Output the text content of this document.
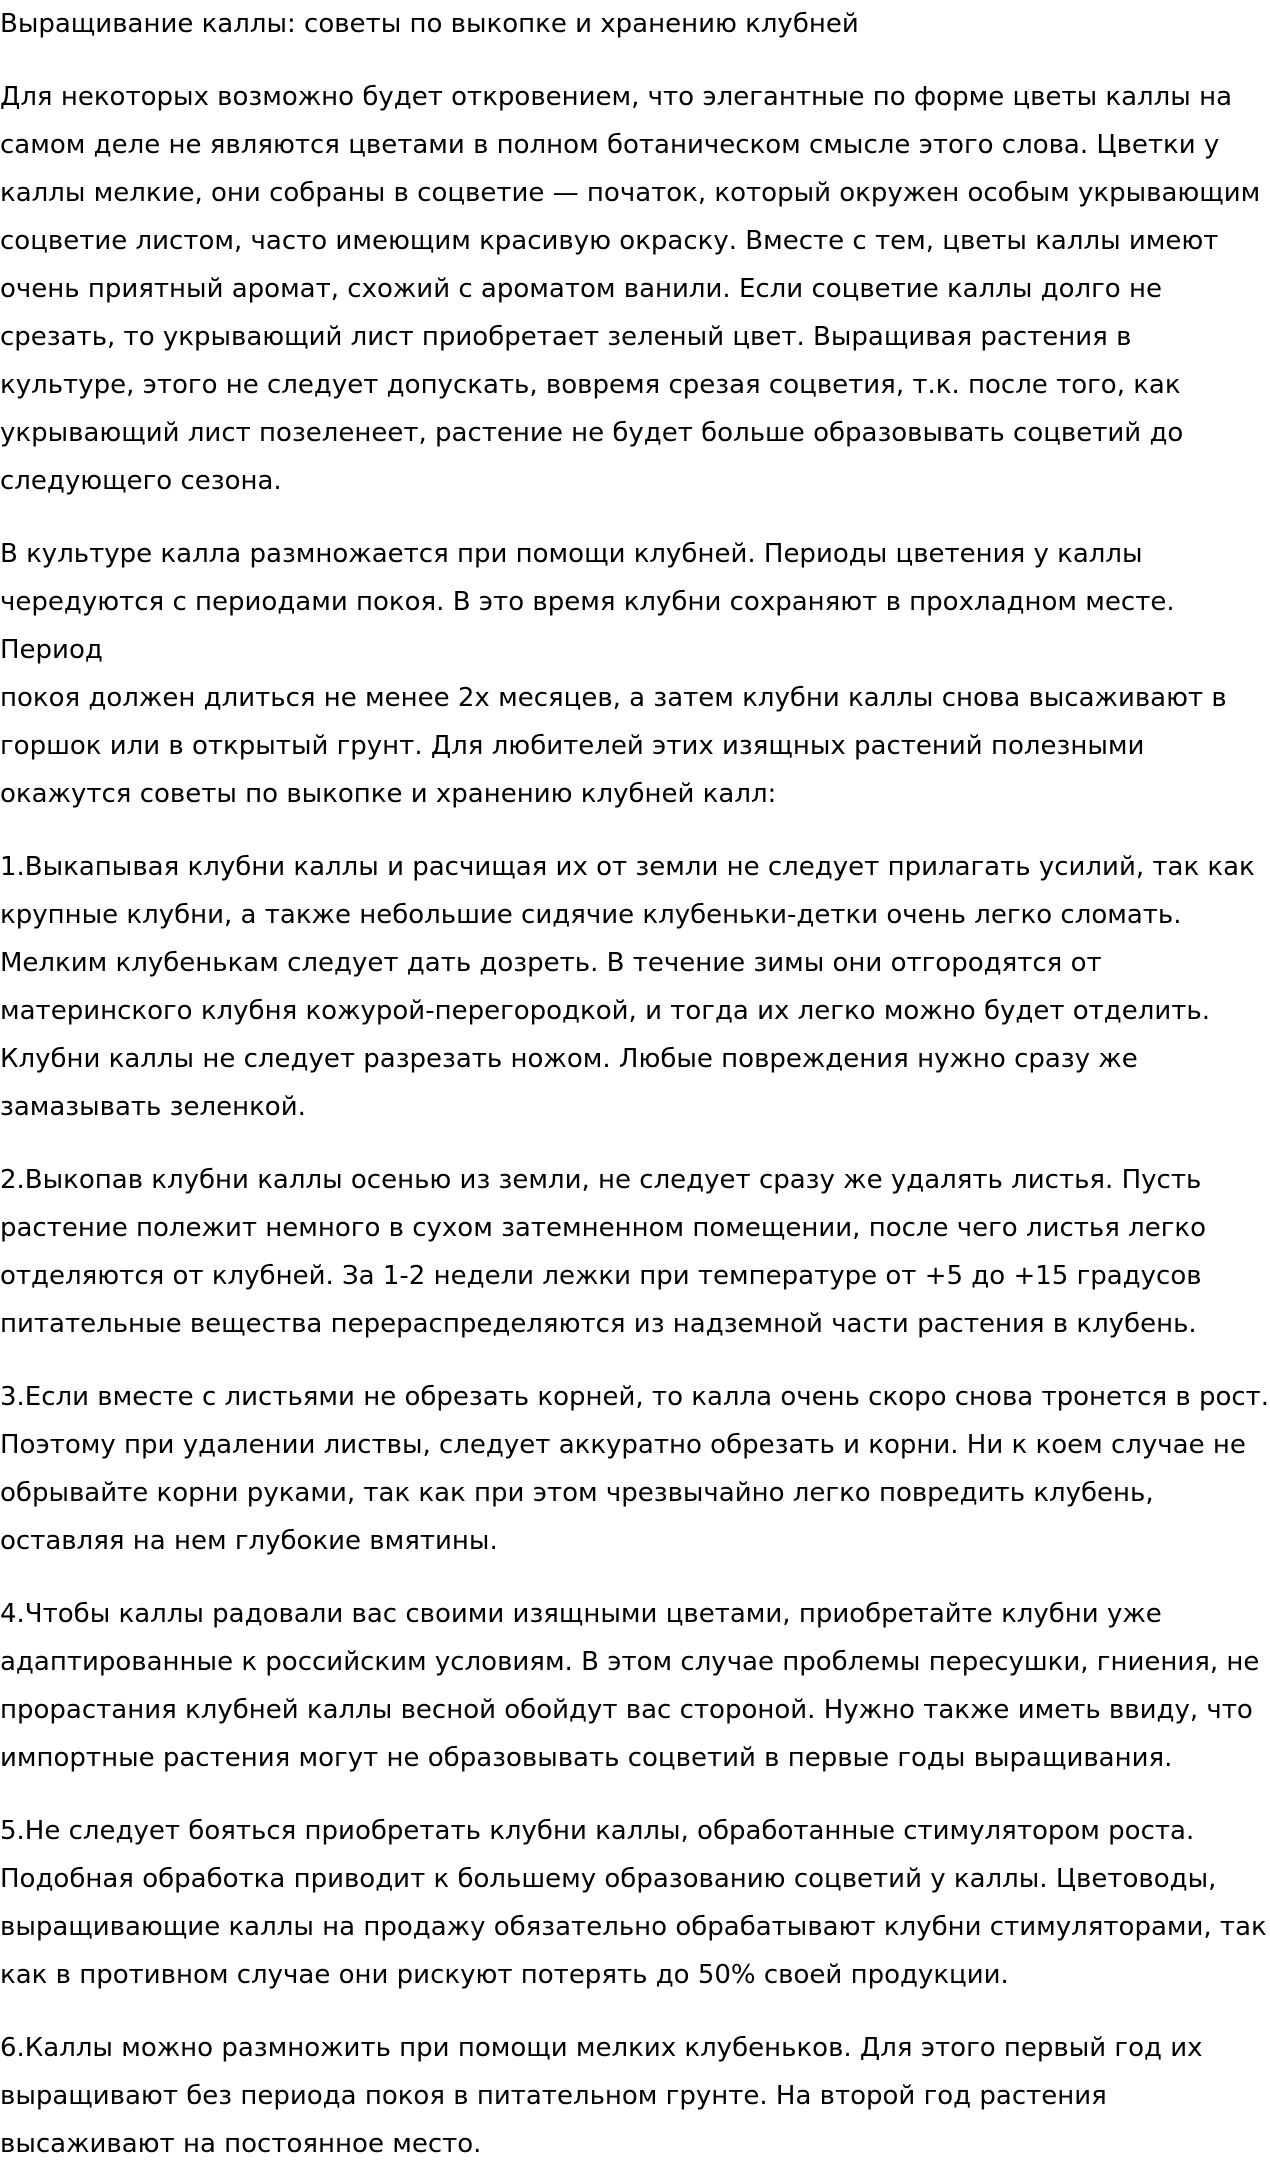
Выращивание каллы: советы по выкопке и хранению клубней

Для некоторых возможно будет откровением, что элегантные по форме цветы каллы на
самом деле не являются цветами в полном ботаническом смысле этого слова. Цветки у
каллы мелкие, они собраны в соцветие — початок, который окружен особым укрывающим
соцветие листом, часто имеющим красивую окраску. Вместе с тем, цветы каллы имеют
очень приятный аромат, схожий с ароматом ванили. Если соцветие каллы долго не
срезать, то укрывающий лист приобретает зеленый цвет. Выращивая растения в
культуре, этого не следует допускать, вовремя срезая соцветия, т.к. после того, как
укрывающий лист позеленеет, растение не будет больше образовывать соцветий до
следующего сезона.

В культуре калла размножается при помощи клубней. Периоды цветения у каллы
чередуются с периодами покоя. В это время клубни сохраняют в прохладном месте. Период
покоя должен длиться не менее 2х месяцев, а затем клубни каллы снова высаживают в
горшок или в открытый грунт. Для любителей этих изящных растений полезными
окажутся советы по выкопке и хранению клубней калл:

1.Выкапывая клубни каллы и расчищая их от земли не следует прилагать усилий, так как
крупные клубни, а также небольшие сидячие клубеньки-детки очень легко сломать.
Мелким клубенькам следует дать дозреть. В течение зимы они отгородятся от
материнского клубня кожурой-перегородкой, и тогда их легко можно будет отделить.
Клубни каллы не следует разрезать ножом. Любые повреждения нужно сразу же
замазывать зеленкой.

2.Выкопав клубни каллы осенью из земли, не следует сразу же удалять листья. Пусть
растение полежит немного в сухом затемненном помещении, после чего листья легко
отделяются от клубней. За 1-2 недели лежки при температуре от +5 до +15 градусов
питательные вещества перераспределяются из надземной части растения в клубень.

3.Если вместе с листьями не обрезать корней, то калла очень скоро снова тронется в рост.
Поэтому при удалении листвы, следует аккуратно обрезать и корни. Ни к коем случае не
обрывайте корни руками, так как при этом чрезвычайно легко повредить клубень,
оставляя на нем глубокие вмятины.

4.Чтобы каллы радовали вас своими изящными цветами, приобретайте клубни уже
адаптированные к российским условиям. В этом случае проблемы пересушки, гниения, не
прорастания клубней каллы весной обойдут вас стороной. Нужно также иметь ввиду, что
импортные растения могут не образовывать соцветий в первые годы выращивания.

5.Не следует бояться приобретать клубни каллы, обработанные стимулятором роста.
Подобная обработка приводит к большему образованию соцветий у каллы. Цветоводы,
выращивающие каллы на продажу обязательно обрабатывают клубни стимуляторами, так
как в противном случае они рискуют потерять до 50% своей продукции.

6.Каллы можно размножить при помощи мелких клубеньков. Для этого первый год их
выращивают без периода покоя в питательном грунте. На второй год растения
высаживают на постоянное место.
